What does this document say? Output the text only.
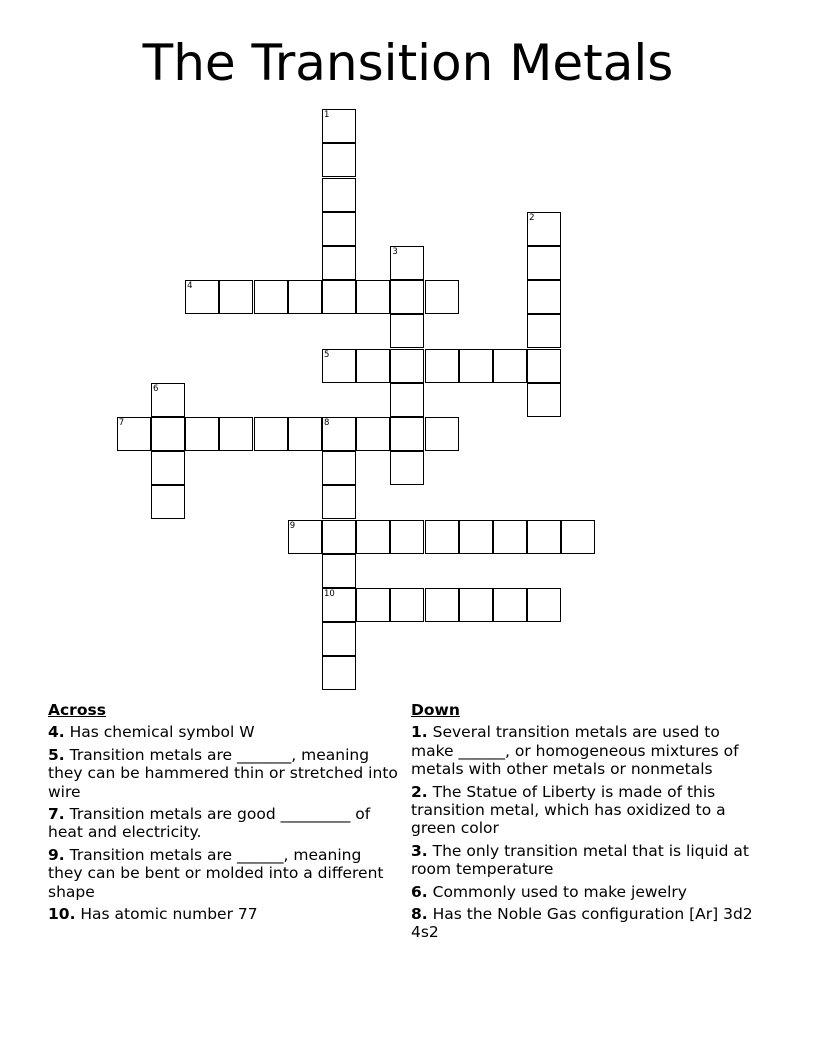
The Transition Metals
1
2
3
4
5
6
7	8
10
9
Across
4. Has chemical symbol W
5. Transition metals are _______, meaning they can be hammered thin or stretched into wire
7. Transition metals are good _________ of heat and electricity.
9. Transition metals are ______, meaning they can be bent or molded into a different shape
10. Has atomic number 77
Down
1. Several transition metals are used to make ______, or homogeneous mixtures of metals with other metals or nonmetals
2. The Statue of Liberty is made of this transition metal, which has oxidized to a green color
3. The only transition metal that is liquid at room temperature
6. Commonly used to make jewelry
8. Has the Noble Gas configuration [Ar] 3d2 4s2
